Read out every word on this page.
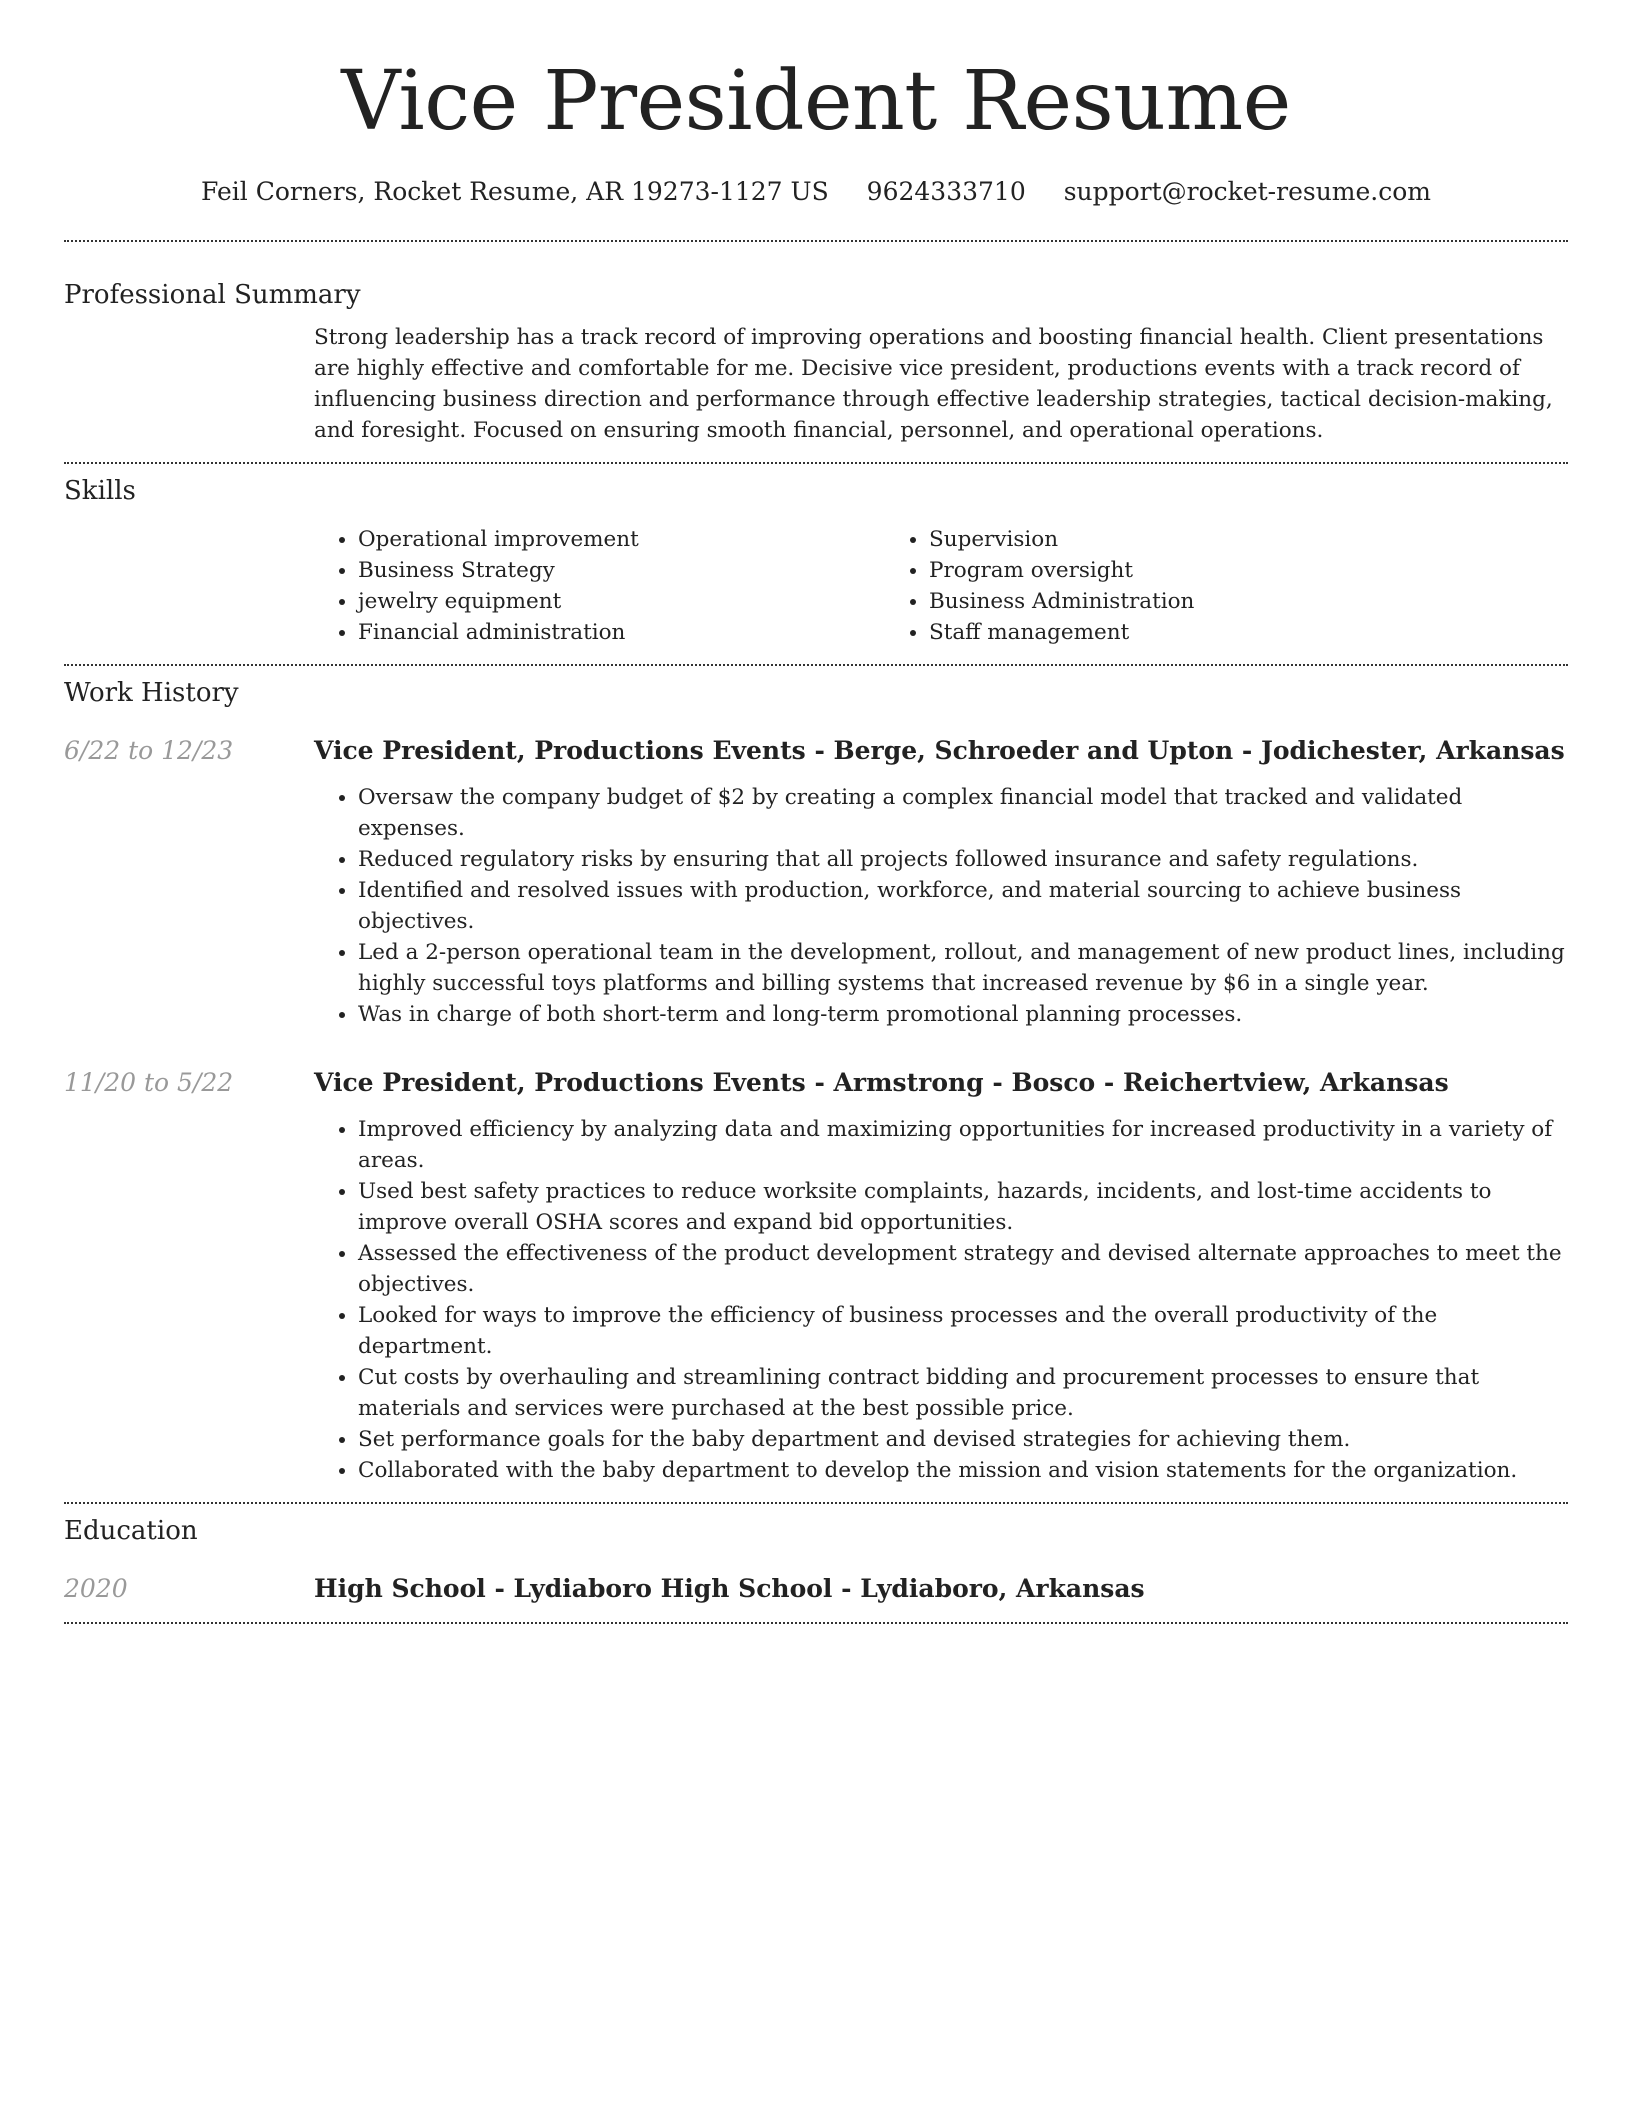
Vice President Resume
Feil Corners, Rocket Resume, AR 19273-1127 US 9624333710 support@rocket-resume.com
Professional Summary

Strong leadership has a track record of improving operations and boosting financial health. Client presentations are highly effective and comfortable for me. Decisive vice president, productions events with a track record of influencing business direction and performance through effective leadership strategies, tactical decision-making, and foresight. Focused on ensuring smooth financial, personnel, and operational operations.

Skills
• Operational improvement
• Business Strategy
• jewelry equipment
• Financial administration
• Supervision
• Program oversight
• Business Administration
• Staff management
Work History
6/22 to 12/23	Vice President, Productions Events - Berge, Schroeder and Upton - Jodichester, Arkansas
• Oversaw the company budget of $2 by creating a complex financial model that tracked and validated expenses.
• Reduced regulatory risks by ensuring that all projects followed insurance and safety regulations.
• Identified and resolved issues with production, workforce, and material sourcing to achieve business objectives.
• Led a 2-person operational team in the development, rollout, and management of new product lines, including highly successful toys platforms and billing systems that increased revenue by $6 in a single year.
• Was in charge of both short-term and long-term promotional planning processes.
11/20 to 5/22	Vice President, Productions Events - Armstrong - Bosco - Reichertview, Arkansas
• Improved efficiency by analyzing data and maximizing opportunities for increased productivity in a variety of areas.
• Used best safety practices to reduce worksite complaints, hazards, incidents, and lost-time accidents to improve overall OSHA scores and expand bid opportunities.
• Assessed the effectiveness of the product development strategy and devised alternate approaches to meet the objectives.
• Looked for ways to improve the efficiency of business processes and the overall productivity of the department.
• Cut costs by overhauling and streamlining contract bidding and procurement processes to ensure that materials and services were purchased at the best possible price.
• Set performance goals for the baby department and devised strategies for achieving them.
• Collaborated with the baby department to develop the mission and vision statements for the organization.
Education
2020	High School - Lydiaboro High School - Lydiaboro, Arkansas
